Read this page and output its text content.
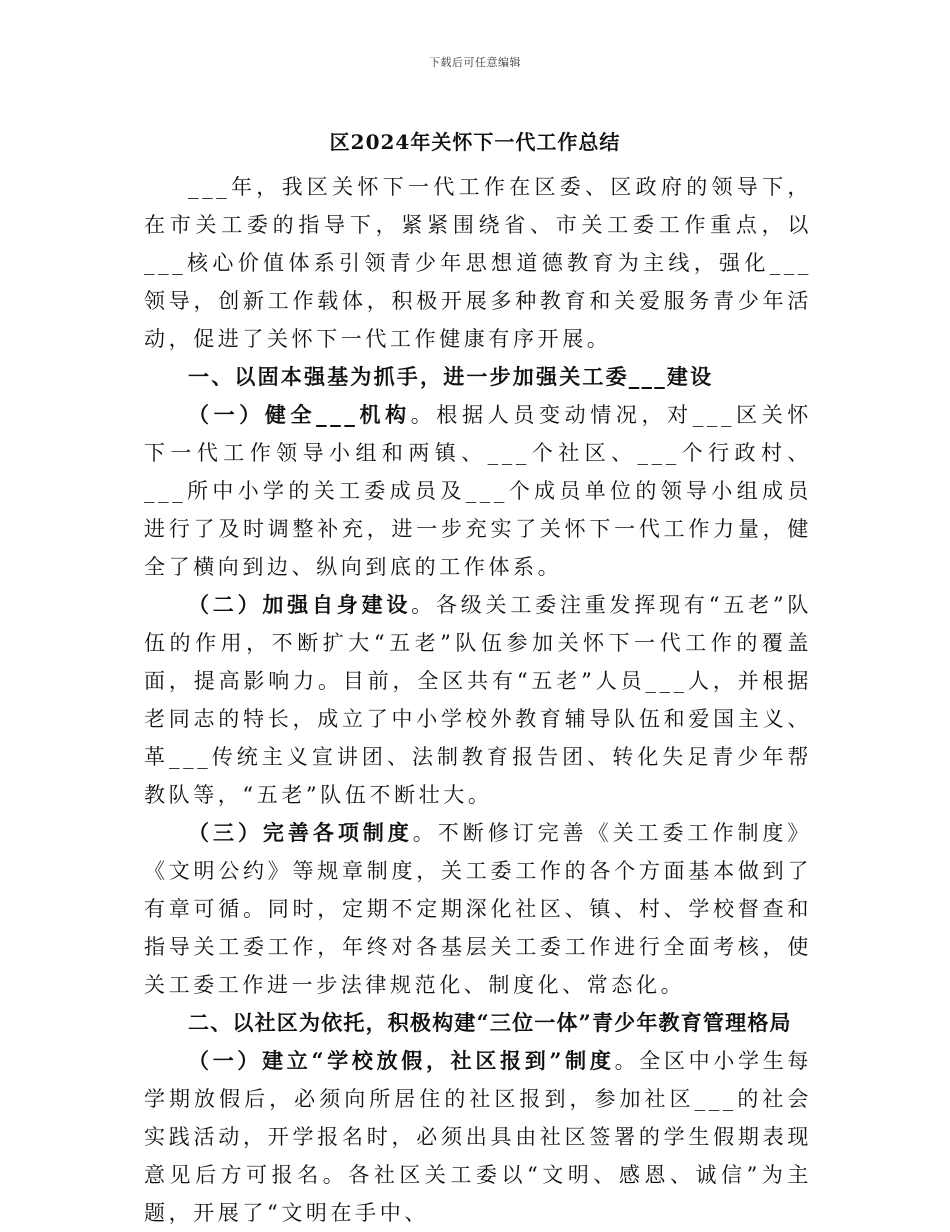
下载后可任意编辑
区2024年关怀下一代工作总结

___年，我区关怀下一代工作在区委、区政府的领导下，在市关工委的指导下，紧紧围绕省、市关工委工作重点，以___核心价值体系引领青少年思想道德教育为主线，强化___领导，创新工作载体，积极开展多种教育和关爱服务青少年活动，促进了关怀下一代工作健康有序开展。

一、以固本强基为抓手，进一步加强关工委___建设

（一）健全___机构。根据人员变动情况，对___区关怀下一代工作领导小组和两镇、___个社区、___个行政村、___所中小学的关工委成员及___个成员单位的领导小组成员进行了及时调整补充，进一步充实了关怀下一代工作力量，健全了横向到边、纵向到底的工作体系。

（二）加强自身建设。各级关工委注重发挥现有“五老”队伍的作用，不断扩大“五老”队伍参加关怀下一代工作的覆盖面，提高影响力。目前，全区共有“五老”人员___人，并根据老同志的特长，成立了中小学校外教育辅导队伍和爱国主义、革___传统主义宣讲团、法制教育报告团、转化失足青少年帮教队等，“五老”队伍不断壮大。

（三）完善各项制度。不断修订完善《关工委工作制度》《文明公约》等规章制度，关工委工作的各个方面基本做到了有章可循。同时，定期不定期深化社区、镇、村、学校督查和指导关工委工作，年终对各基层关工委工作进行全面考核，使关工委工作进一步法律规范化、制度化、常态化。

二、以社区为依托，积极构建“三位一体”青少年教育管理格局

（一）建立“学校放假，社区报到”制度。全区中小学生每学期放假后，必须向所居住的社区报到，参加社区___的社会实践活动，开学报名时，必须出具由社区签署的学生假期表现意见后方可报名。各社区关工委以“文明、感恩、诚信”为主题，开展了“文明在手中、
